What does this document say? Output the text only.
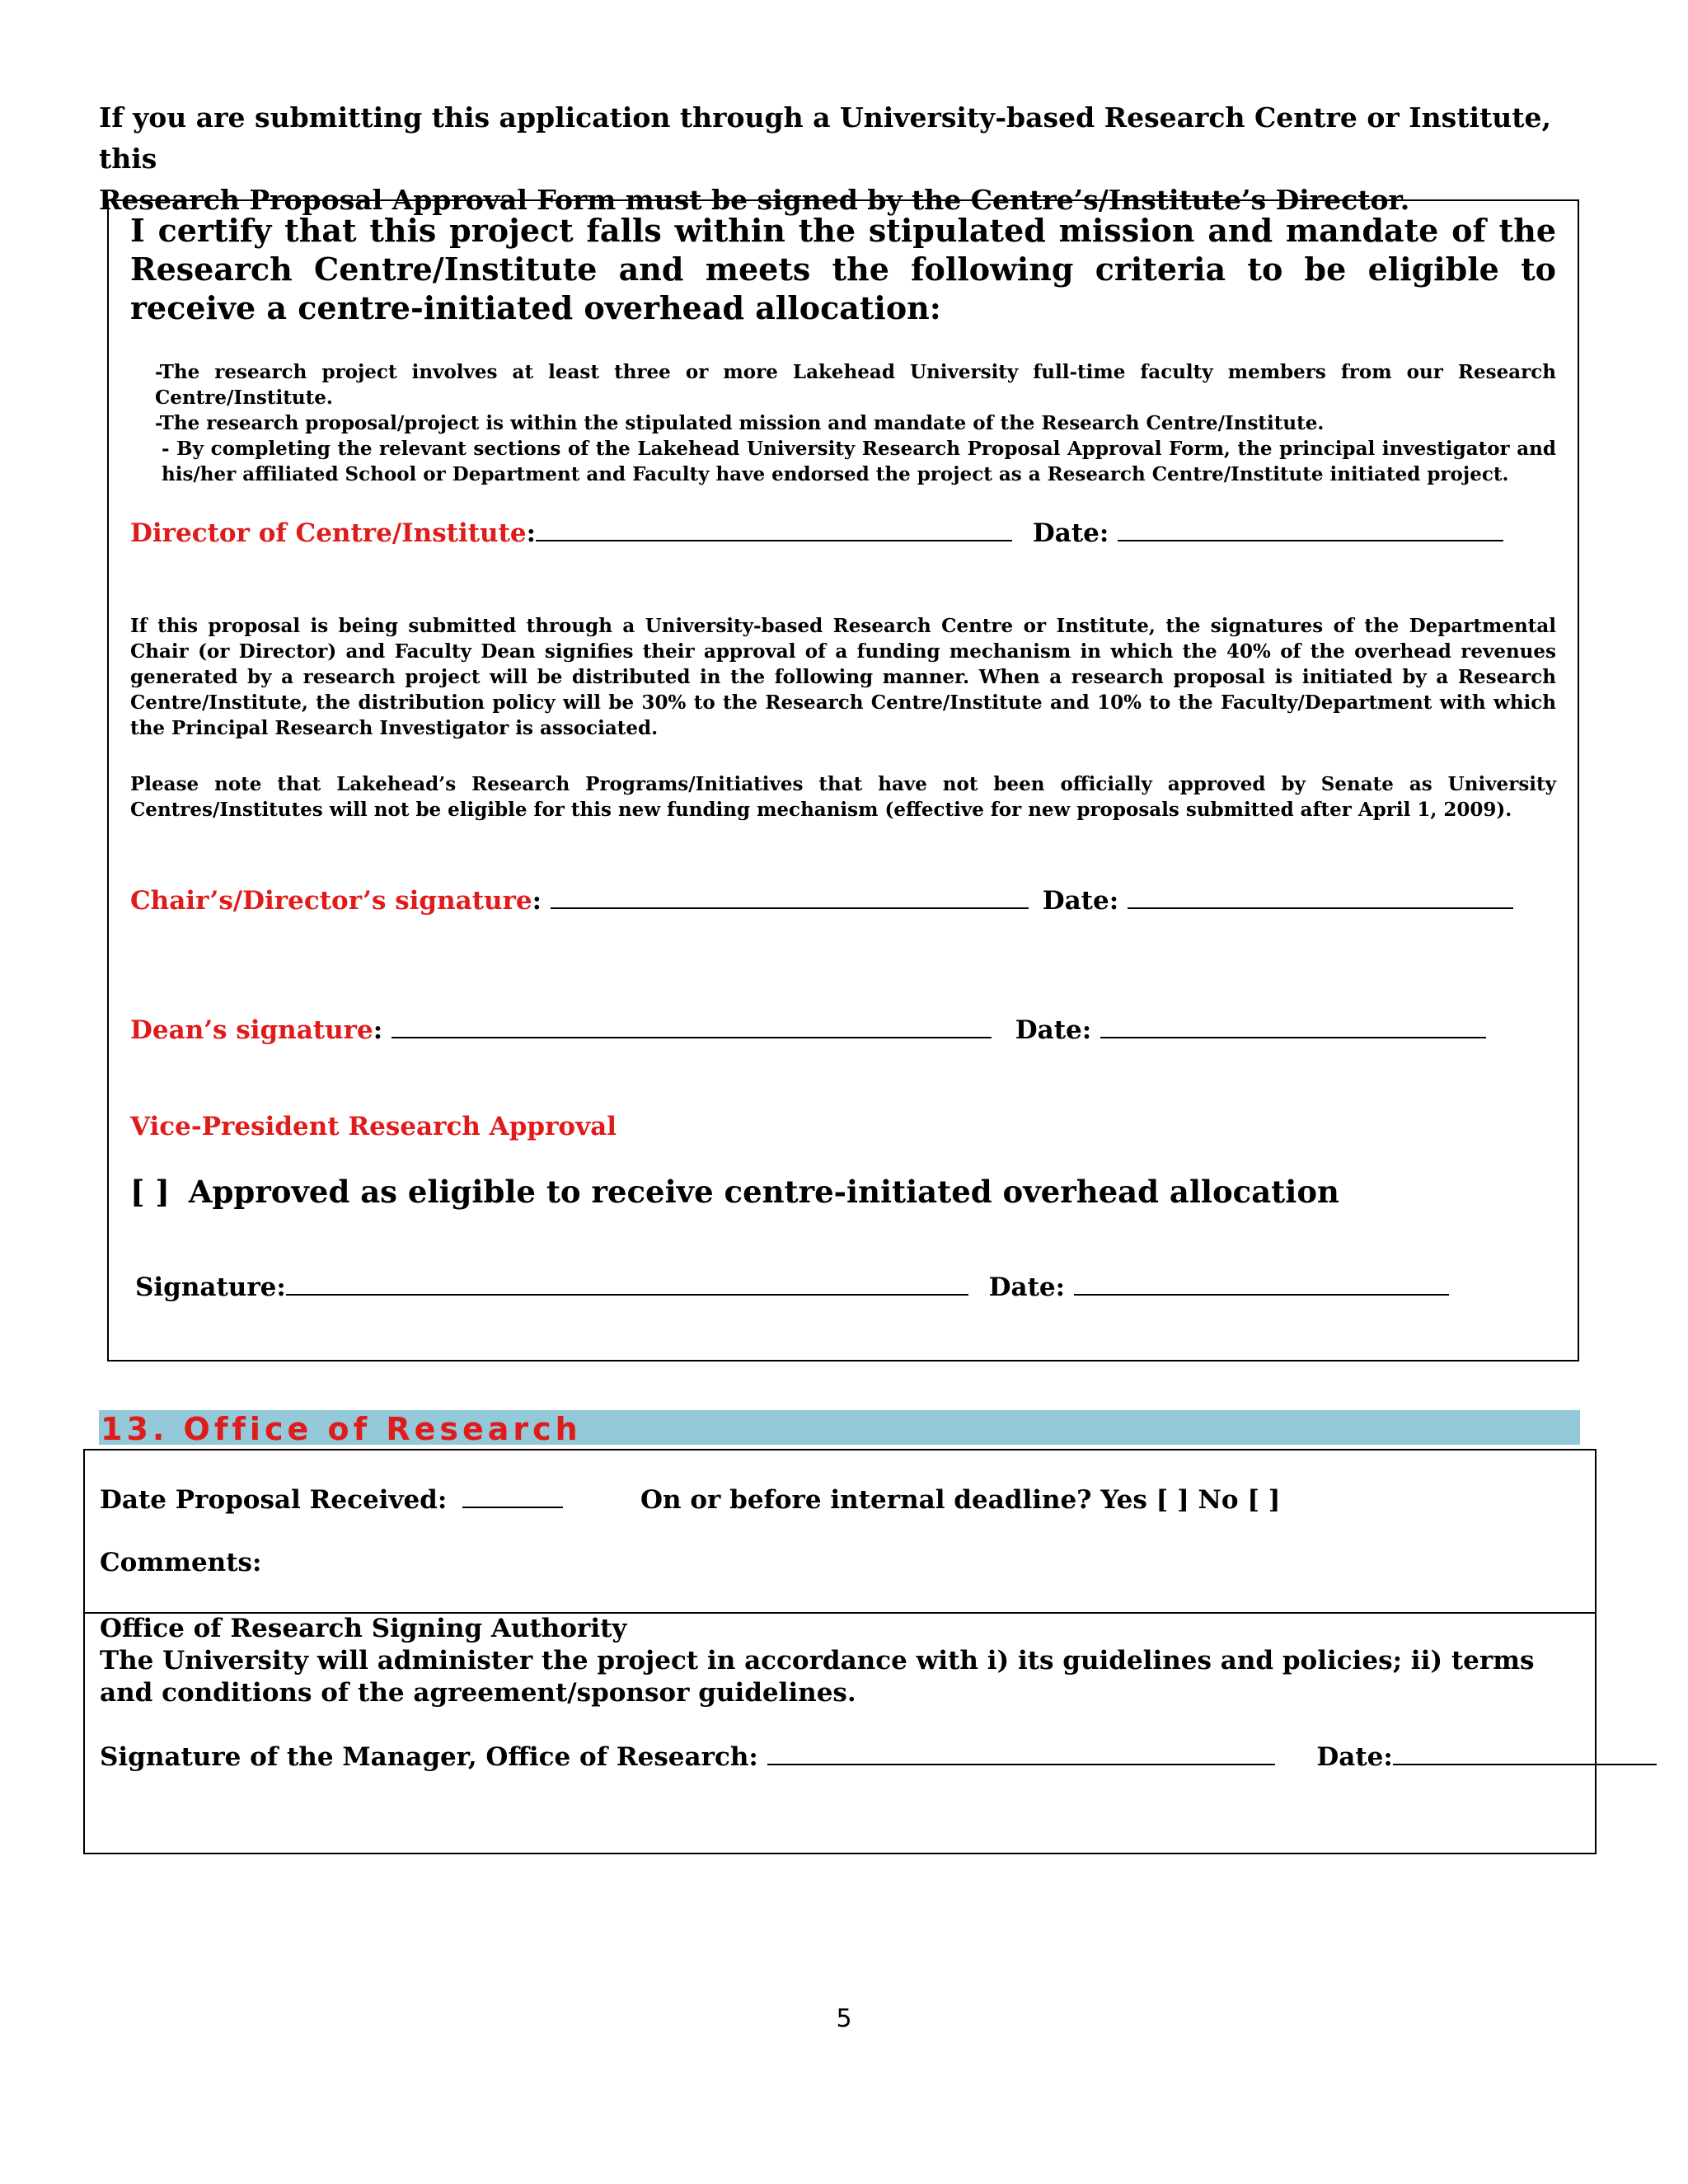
If you are submitting this application through a University-based Research Centre or Institute, this
Research Proposal Approval Form must be signed by the Centre’s/Institute’s Director.
I certify that this project falls within the stipulated mission and mandate of the Research Centre/Institute and meets the following criteria to be eligible to receive a centre-initiated overhead allocation:

-The research project involves at least three or more Lakehead University full-time faculty members from our Research Centre/Institute.

-The research proposal/project is within the stipulated mission and mandate of the Research Centre/Institute.

- By completing the relevant sections of the Lakehead University Research Proposal Approval Form, the principal investigator and his/her affiliated School or Department and Faculty have endorsed the project as a Research Centre/Institute initiated project.

Director of Centre/Institute:	Date:

If this proposal is being submitted through a University-based Research Centre or Institute, the signatures of the Departmental Chair (or Director) and Faculty Dean signifies their approval of a funding mechanism in which the 40% of the overhead revenues generated by a research project will be distributed in the following manner. When a research proposal is initiated by a Research Centre/Institute, the distribution policy will be 30% to the Research Centre/Institute and 10% to the Faculty/Department with which the Principal Research Investigator is associated.

Please note that Lakehead’s Research Programs/Initiatives that have not been officially approved by Senate as University Centres/Institutes will not be eligible for this new funding mechanism (effective for new proposals submitted after April 1, 2009).

Chair’s/Director’s signature:	Date:
Dean’s signature:	Date:
Vice-President Research Approval
[ ] Approved as eligible to receive centre-initiated overhead allocation
Signature:	Date:
13. Office of Research
Date Proposal Received:	On or before internal deadline? Yes [ ] No [ ]
Comments:
Office of Research Signing Authority
The University will administer the project in accordance with i) its guidelines and policies; ii) terms and conditions of the agreement/sponsor guidelines.
Signature of the Manager, Office of Research:	Date:
5
